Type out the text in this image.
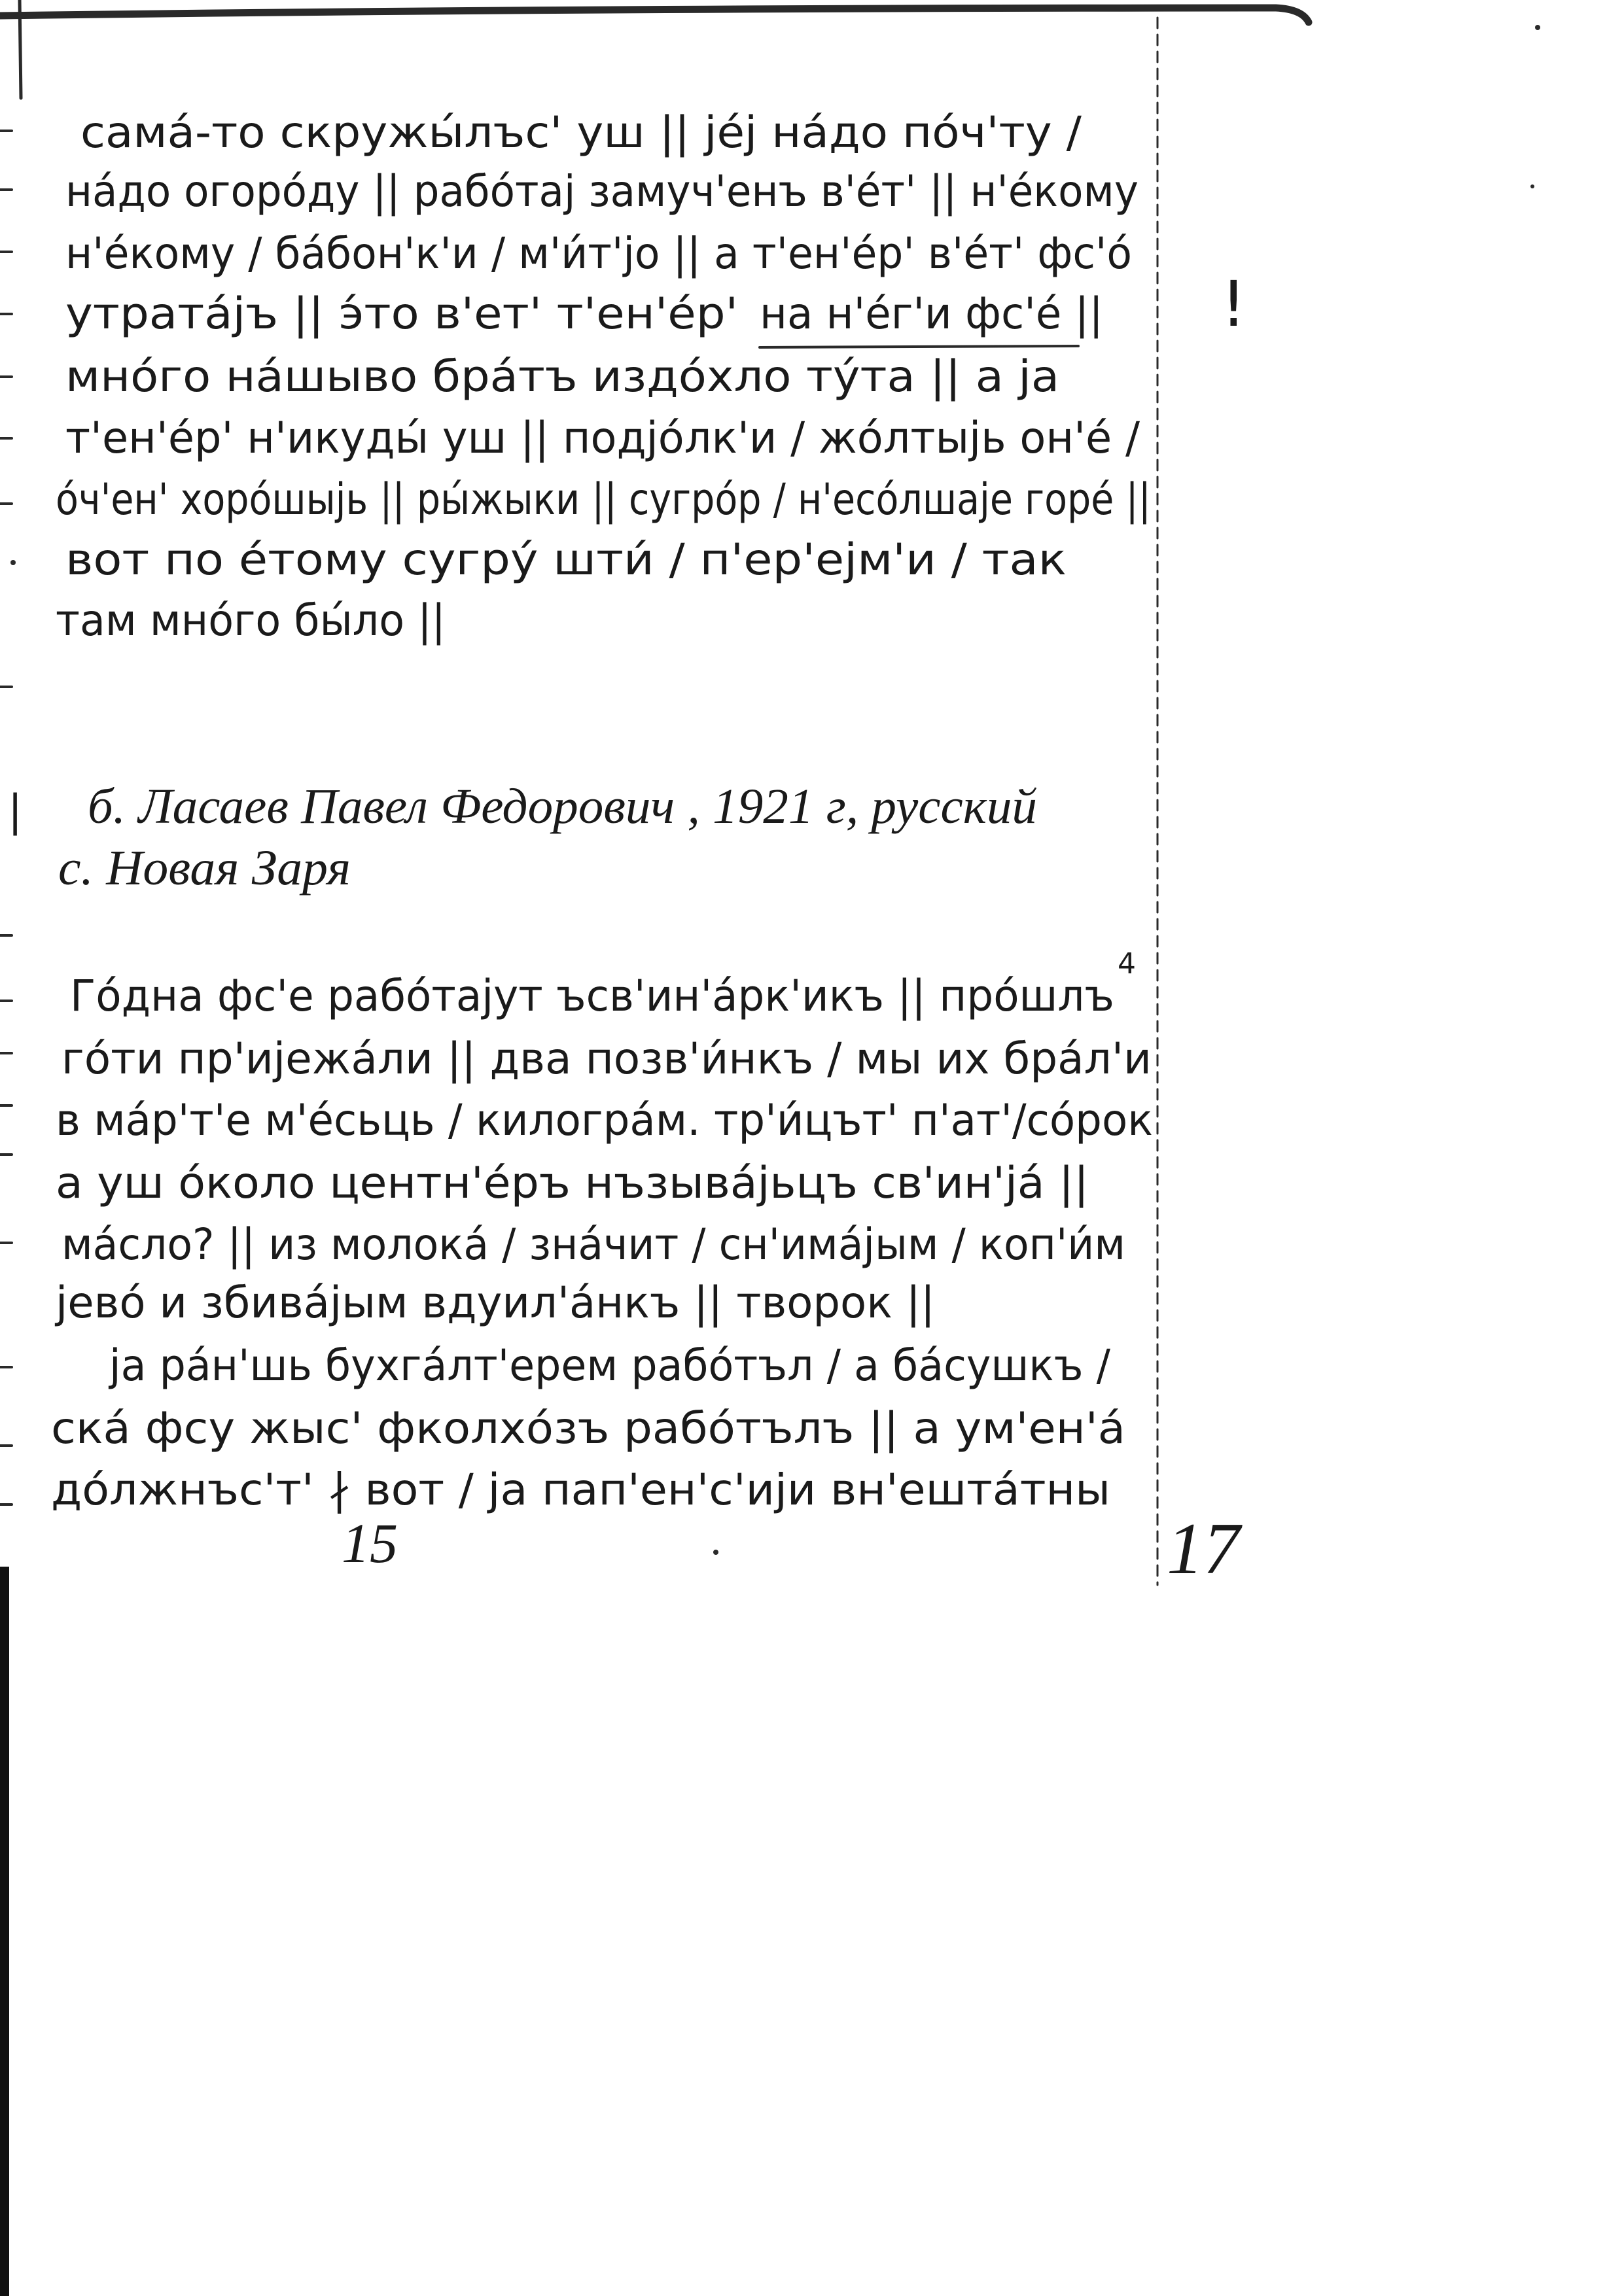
сама́-то скружы́лъс' уш || је́ј на́до по́ч'ту /
на́до огоро́ду || рабо́таj замуч'енъ в'е́т' || н'е́кому
н'е́кому / ба́бон'к'и / м'и́т'јо || а т'ен'е́р' в'е́т' фс'о́
утрата́јъ || э́то в'ет' т'ен'е́р' на н'е́г'и фс'е́ ||
мно́го на́шыво бра́тъ издо́хло ту́та || а ја
т'ен'е́р' н'икуды́ уш || подјо́лк'и / жо́лтыјь он'е́ /
о́ч'ен' хоро́шыјь || ры́жыки || сугро́р / н'есо́лшаје горе́ ||
вот по е́тому сугру́ шти́ / п'ер'ејм'и / так
там мно́го бы́ло ||
| б. Ласаев Павел Федорович , 1921 г, русский
с. Новая Заря
Го́дна фс'е рабо́тајут ъсв'ин'а́рк'икъ || про́шлъ
4
го́ти пр'ијежа́ли || два позв'и́нкъ / мы их бра́л'и
в ма́р'т'е м'е́сьць / килогра́м. тр'и́цът' п'ат'/со́рок
а уш о́коло центн'е́ръ нъзыва́јьцъ св'ин'ја́ ||
ма́сло? || из молока́ / зна́чит / сн'има́јым / коп'и́м
јево́ и збива́јым вдуил'а́нкъ || творок ||
ја ра́н'шь бухга́лт'ерем рабо́тъл / а ба́сушкъ /
ска́ фсу жыс' фколхо́зъ рабо́тълъ || а ум'ен'а́
до́лжнъс'т' ∤ вот / ја пап'ен'с'иjи вн'ешта́тны
!
15	17
